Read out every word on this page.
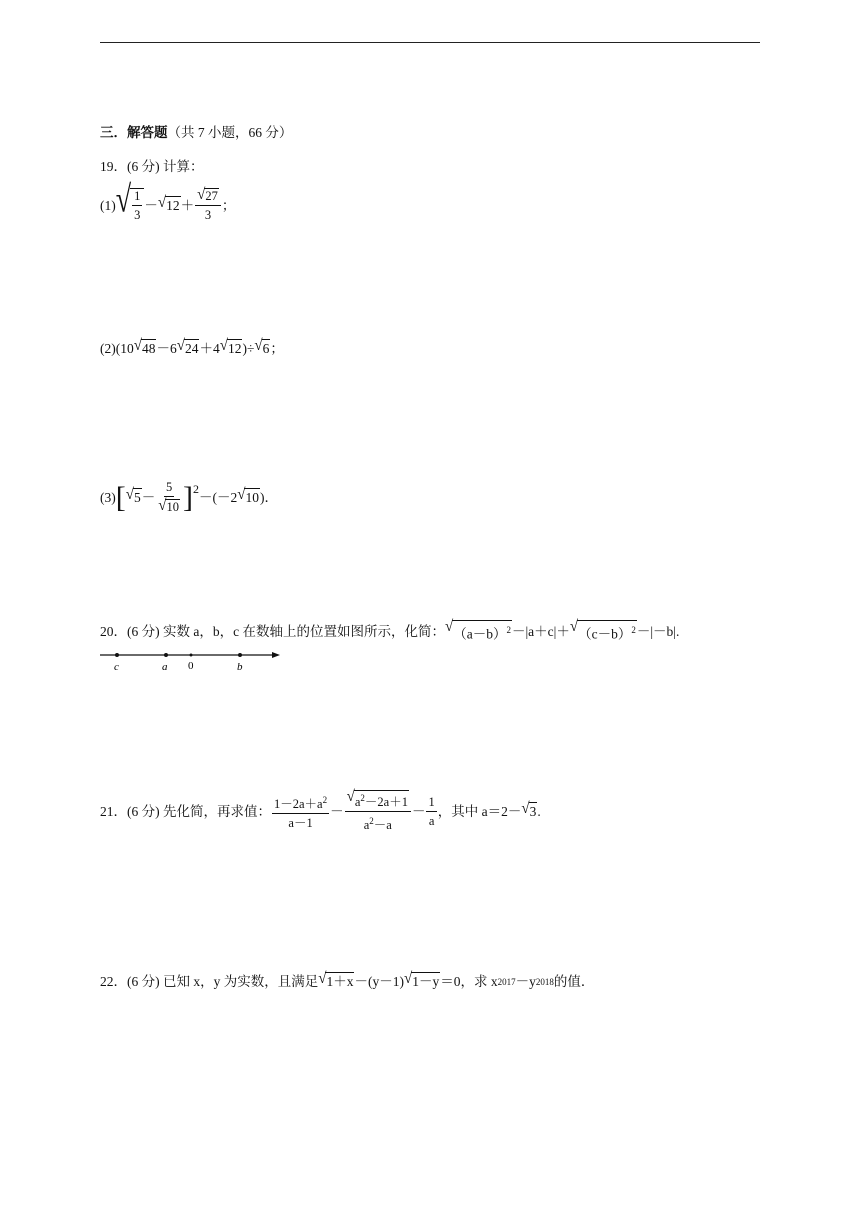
三．解答题（共 7 小题，66 分）
19．(6 分) 计算：
(1) √ $\frac{1}{3}$ － √ $12 + \frac{√ 27}{3}$ ；
(2)(10 √ 48 －6 √ 24 ＋4 √ 12 )÷ √ 6 ；
(3) [ √ $5 - \frac{5}{√ 10}$ ] 2
－(－2 √ 10 )．
20．(6 分) 实数 a，b，c 在数轴上的位置如图所示，化简： √ $(a-b)^2 -|a+c|+$ √ $(c-b)^2 -|-b|$.
c	a 0	b
21．(6 分) 先化简，再求值： $\frac{1-2a+a^2}{a-1} - \frac{√ a^2-2a+1}{a^2-a} - \frac{1}{a}$ ，其中 a＝2－ √ 3 .
22．(6 分) 已知 x，y 为实数，且满足 √ 1＋x －(y－1) √ 1－y ＝0，求 x 2017 －y 2018 的值．
